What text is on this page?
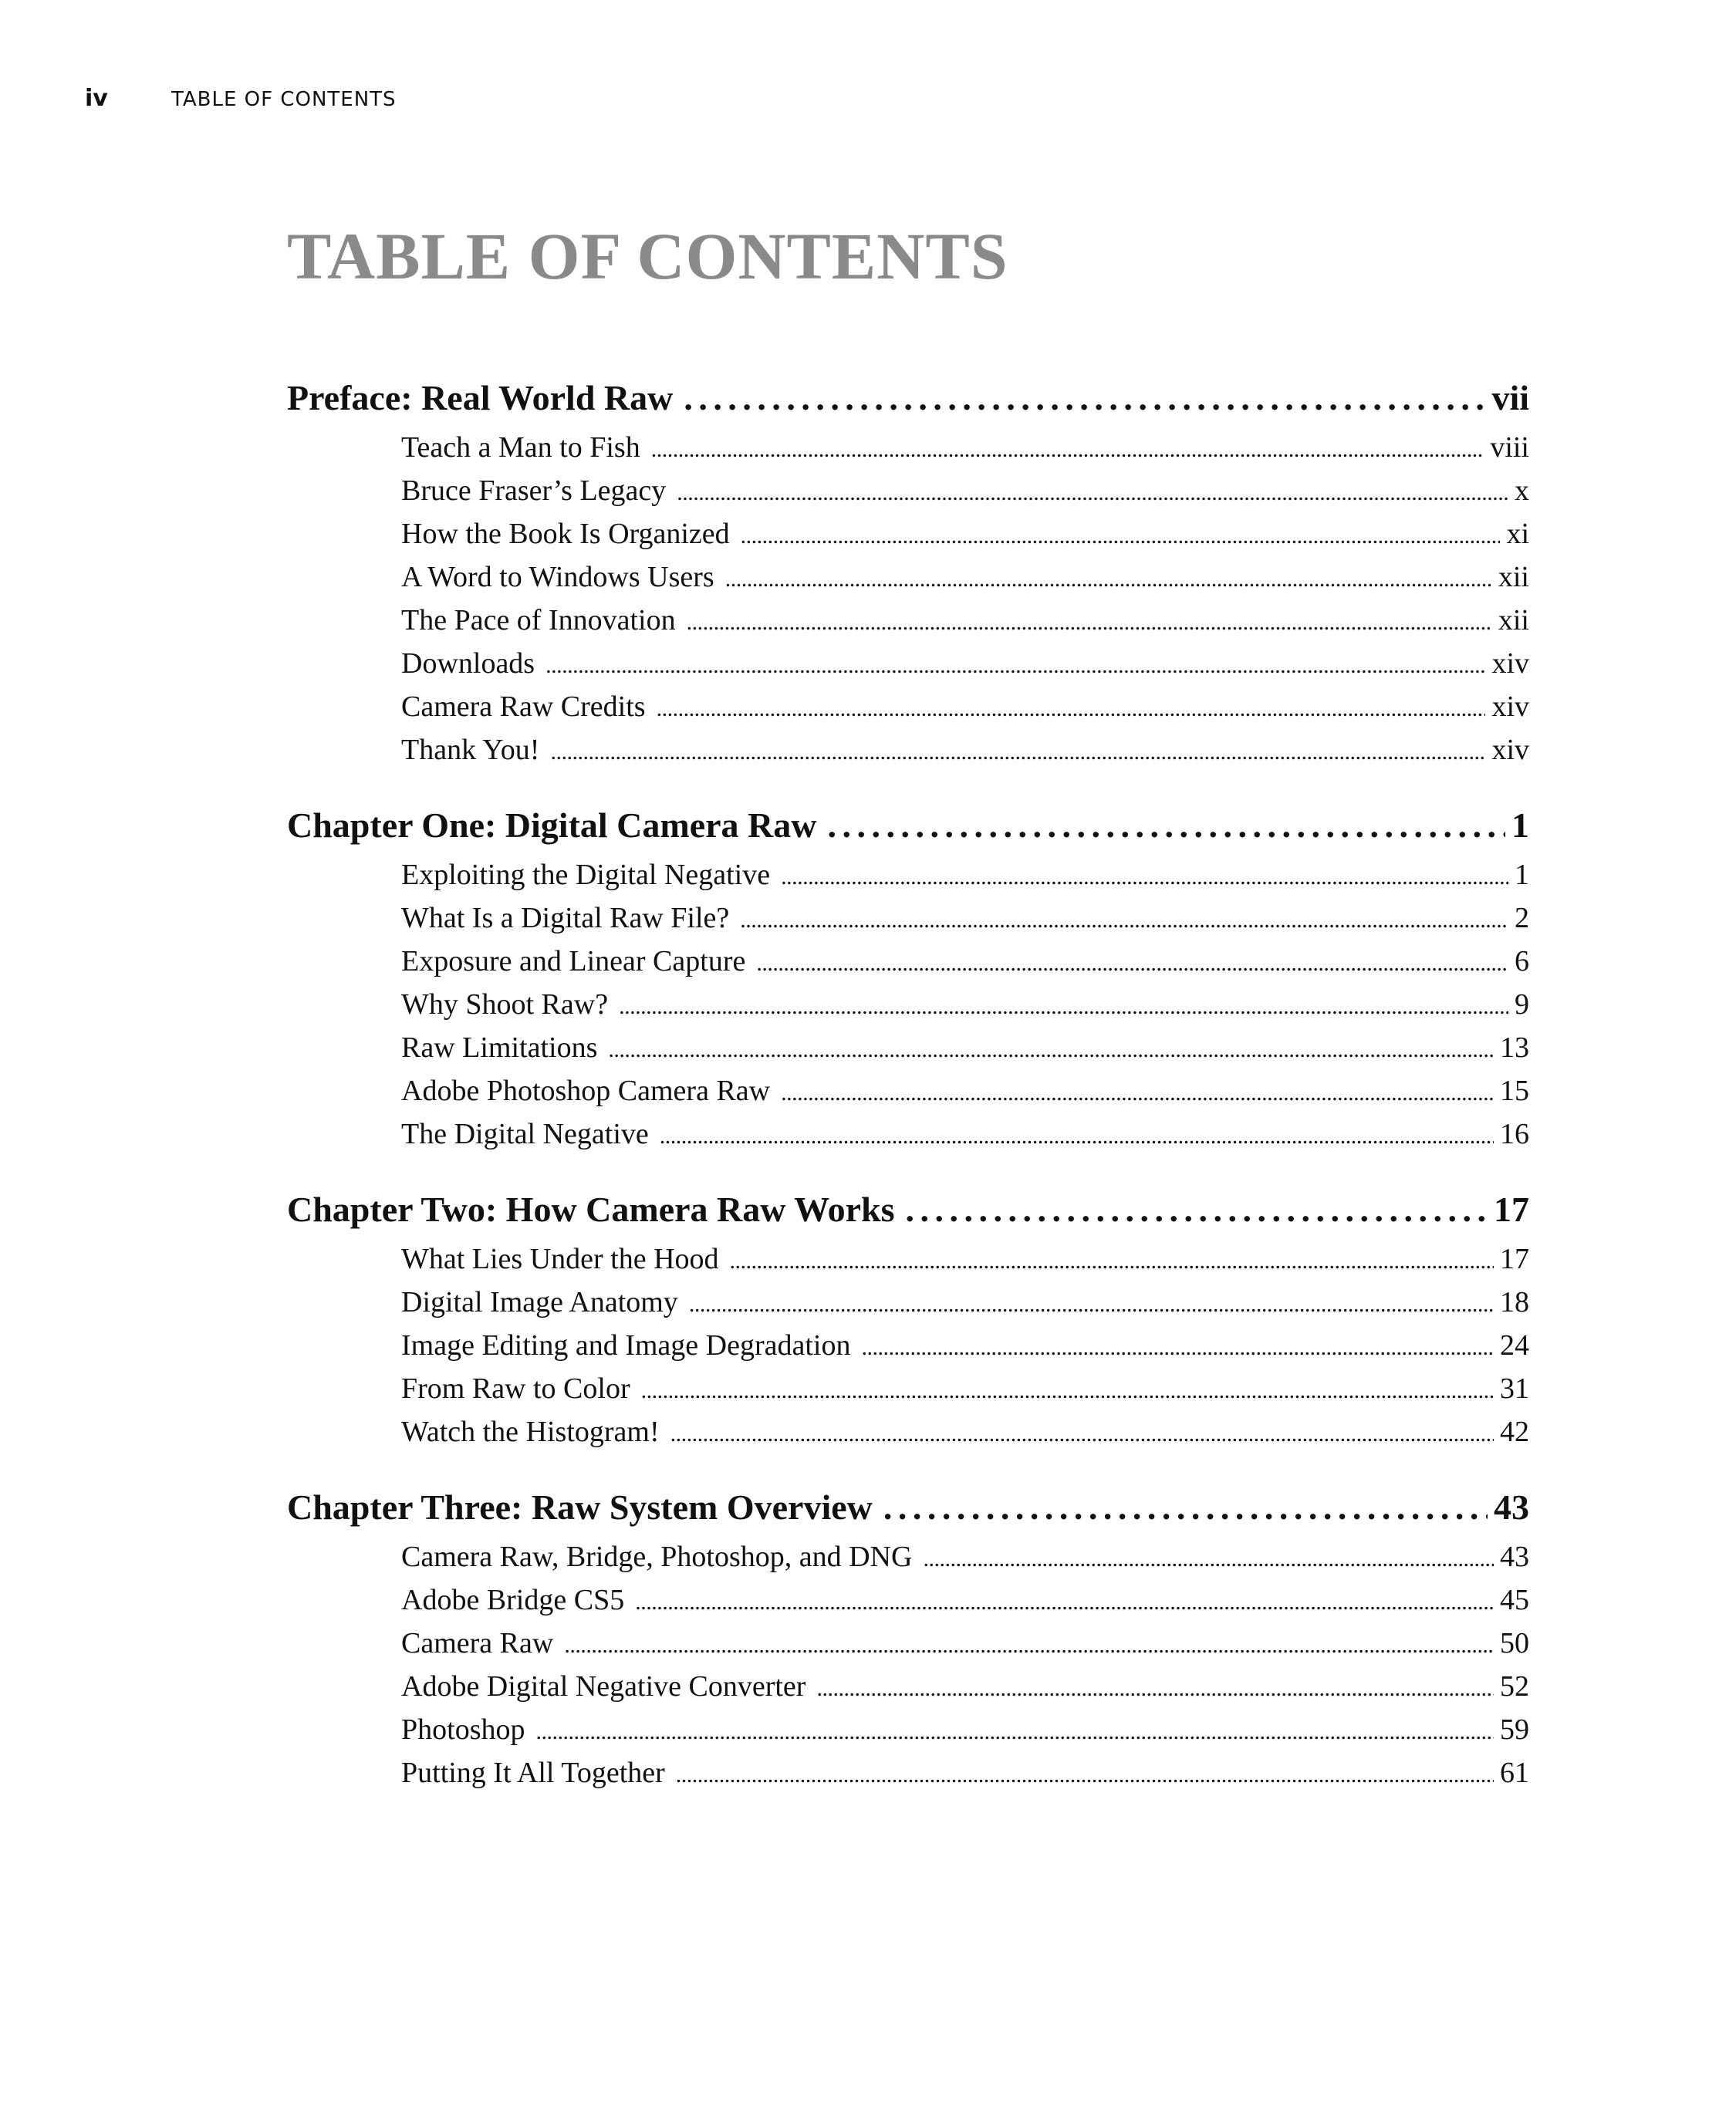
iv	TABLE OF CONTENTS
TABLE OF CONTENTS
Preface: Real World Raw . . .	vii
Teach a Man to Fish . . .	viii
Bruce Fraser’s Legacy . . .	x
How the Book Is Organized . . .	xi
A Word to Windows Users . . .	xii
The Pace of Innovation . . .	xii
Downloads . . .	xiv
Camera Raw Credits . . .	xiv
Thank You! . . .	xiv
Chapter One: Digital Camera Raw . . .	1
Exploiting the Digital Negative . . .	1
What Is a Digital Raw File? . . .	2
Exposure and Linear Capture . . .	6
Why Shoot Raw? . . .	9
Raw Limitations . . .	13
Adobe Photoshop Camera Raw . . .	15
The Digital Negative . . .	16
Chapter Two: How Camera Raw Works . . .	17
What Lies Under the Hood . . .	17
Digital Image Anatomy . . .	18
Image Editing and Image Degradation . . .	24
From Raw to Color . . .	31
Watch the Histogram! . . .	42
Chapter Three: Raw System Overview . . .	43
Camera Raw, Bridge, Photoshop, and DNG . . .	43
Adobe Bridge CS5 . . .	45
Camera Raw . . .	50
Adobe Digital Negative Converter . . .	52
Photoshop . . .	59
Putting It All Together . . .	61
